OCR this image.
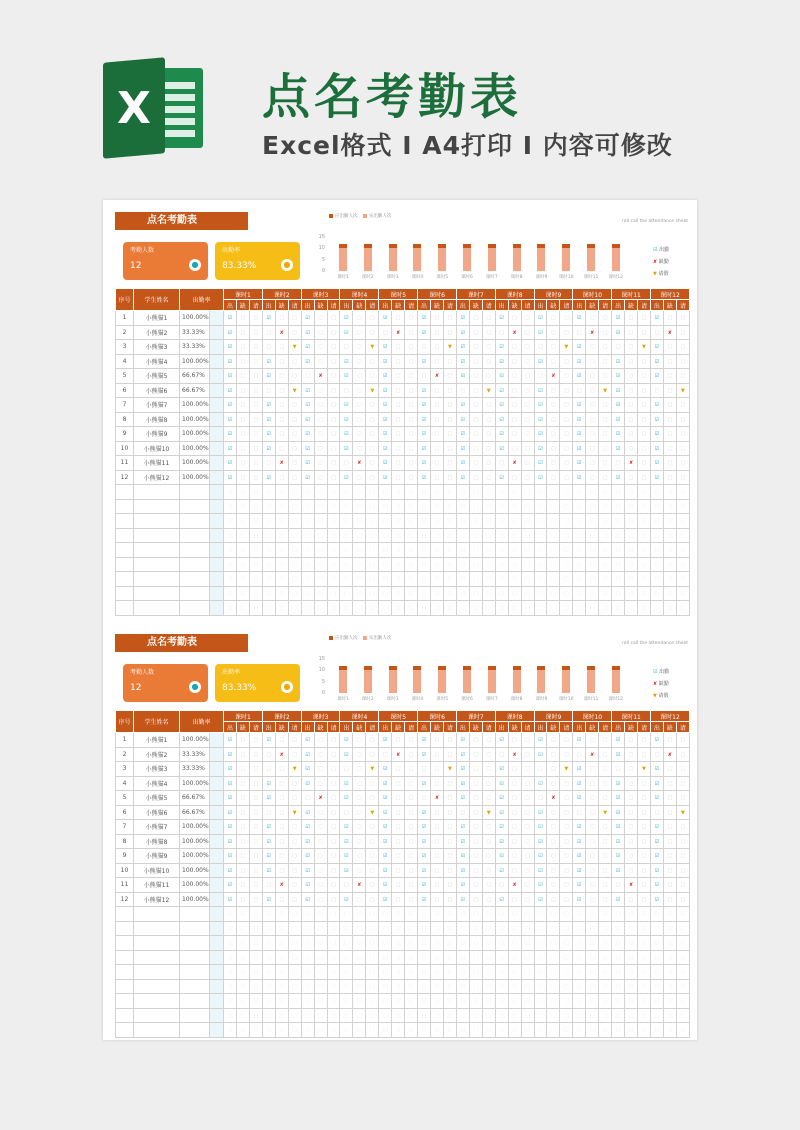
X 点名考勤表
Excel格式 I A4打印 I 内容可修改
点名考勤表
考勤人数
12	●
出勤率
83.33%	●
应出勤人次	实出勤人次
roll call the attendance sheet
15
10
5
0
课时1	课时2	课时3	课时4	课时5	课时6	课时7	课时8	课时9	课时10	课时11	课时12
☑ 出勤
✘ 缺勤
▼ 请假
序号	学生姓名	出勤率		课时1			课时2			课时3			课时4			课时5			课时6			课时7			课时8			课时9			课时10			课时11			课时12		
				出	缺	请	出	缺	请	出	缺	请	出	缺	请	出	缺	请	出	缺	请	出	缺	请	出	缺	请	出	缺	请	出	缺	请	出	缺	请	出	缺	请
1	小熊猫1	100.00%		☑	□	□	☑	□	□	☑	□	□	☑	□	□	☑	□	□	☑	□	□	☑	□	□	☑	□	□	☑	□	□	☑	□	□	☑	□	□	☑	□	□
2	小熊猫2	33.33%		☑	□	□	□	✘	□	☑	□	□	☑	□	□	□	✘	□	☑	□	□	☑	□	□	□	✘	□	☑	□	□	□	✘	□	☑	□	□	□	✘	□
3	小熊猫3	33.33%		☑	□	□	□	□	▼	☑	□	□	□	□	▼	☑	□	□	□	□	▼	☑	□	□	☑	□	□	□	□	▼	☑	□	□	□	□	▼	☑	□	□
4	小熊猫4	100.00%		☑	□	□	☑	□	□	☑	□	□	☑	□	□	☑	□	□	☑	□	□	☑	□	□	☑	□	□	☑	□	□	☑	□	□	☑	□	□	☑	□	□
5	小熊猫5	66.67%		☑	□	□	☑	□	□	□	✘	□	☑	□	□	☑	□	□	□	✘	□	☑	□	□	☑	□	□	□	✘	□	☑	□	□	☑	□	□	☑	□	□
6	小熊猫6	66.67%		☑	□	□	□	□	▼	☑	□	□	□	□	▼	☑	□	□	☑	□	□	□	□	▼	☑	□	□	☑	□	□	□	□	▼	☑	□	□	□	□	▼
7	小熊猫7	100.00%		☑	□	□	☑	□	□	☑	□	□	☑	□	□	☑	□	□	☑	□	□	☑	□	□	☑	□	□	☑	□	□	☑	□	□	☑	□	□	☑	□	□
8	小熊猫8	100.00%		☑	□	□	☑	□	□	☑	□	□	☑	□	□	☑	□	□	☑	□	□	☑	□	□	☑	□	□	☑	□	□	☑	□	□	☑	□	□	☑	□	□
9	小熊猫9	100.00%		☑	□	□	☑	□	□	☑	□	□	☑	□	□	☑	□	□	☑	□	□	☑	□	□	☑	□	□	☑	□	□	☑	□	□	☑	□	□	☑	□	□
10	小熊猫10	100.00%		☑	□	□	☑	□	□	☑	□	□	☑	□	□	☑	□	□	☑	□	□	☑	□	□	☑	□	□	☑	□	□	☑	□	□	☑	□	□	☑	□	□
11	小熊猫11	100.00%		☑	□	□	□	✘	□	☑	□	□	□	✘	□	☑	□	□	☑	□	□	☑	□	□	□	✘	□	☑	□	□	☑	□	□	□	✘	□	☑	□	□
12	小熊猫12	100.00%		☑	□	□	☑	□	□	☑	□	□	☑	□	□	☑	□	□	☑	□	□	☑	□	□	☑	□	□	☑	□	□	☑	□	□	☑	□	□	☑	□	□
				□	□	□	□	□	□	□	□	□	□	□	□	□	□	□	□	□	□	□	□	□	□	□	□	□	□	□	□	□	□	□	□	□	□	□	□
				□	□	□	□	□	□	□	□	□	□	□	□	□	□	□	□	□	□	□	□	□	□	□	□	□	□	□	□	□	□	□	□	□	□	□	□
				□	□	□	□	□	□	□	□	□	□	□	□	□	□	□	□	□	□	□	□	□	□	□	□	□	□	□	□	□	□	□	□	□	□	□	□
				□	□	□	□	□	□	□	□	□	□	□	□	□	□	□	□	□	□	□	□	□	□	□	□	□	□	□	□	□	□	□	□	□	□	□	□
				□	□	□	□	□	□	□	□	□	□	□	□	□	□	□	□	□	□	□	□	□	□	□	□	□	□	□	□	□	□	□	□	□	□	□	□
				□	□	□	□	□	□	□	□	□	□	□	□	□	□	□	□	□	□	□	□	□	□	□	□	□	□	□	□	□	□	□	□	□	□	□	□
				□	□	□	□	□	□	□	□	□	□	□	□	□	□	□	□	□	□	□	□	□	□	□	□	□	□	□	□	□	□	□	□	□	□	□	□
				□	□	□	□	□	□	□	□	□	□	□	□	□	□	□	□	□	□	□	□	□	□	□	□	□	□	□	□	□	□	□	□	□	□	□	□
				□	□	□	□	□	□	□	□	□	□	□	□	□	□	□	□	□	□	□	□	□	□	□	□	□	□	□	□	□	□	□	□	□	□	□	□
点名考勤表
考勤人数
12	●
出勤率
83.33%	●
应出勤人次	实出勤人次
roll call the attendance sheet
15
10
5
0
课时1	课时2	课时3	课时4	课时5	课时6	课时7	课时8	课时9	课时10	课时11	课时12
☑ 出勤
✘ 缺勤
▼ 请假
序号	学生姓名	出勤率		课时1			课时2			课时3			课时4			课时5			课时6			课时7			课时8			课时9			课时10			课时11			课时12		
				出	缺	请	出	缺	请	出	缺	请	出	缺	请	出	缺	请	出	缺	请	出	缺	请	出	缺	请	出	缺	请	出	缺	请	出	缺	请	出	缺	请
1	小熊猫1	100.00%		☑	□	□	☑	□	□	☑	□	□	☑	□	□	☑	□	□	☑	□	□	☑	□	□	☑	□	□	☑	□	□	☑	□	□	☑	□	□	☑	□	□
2	小熊猫2	33.33%		☑	□	□	□	✘	□	☑	□	□	☑	□	□	□	✘	□	☑	□	□	☑	□	□	□	✘	□	☑	□	□	□	✘	□	☑	□	□	□	✘	□
3	小熊猫3	33.33%		☑	□	□	□	□	▼	☑	□	□	□	□	▼	☑	□	□	□	□	▼	☑	□	□	☑	□	□	□	□	▼	☑	□	□	□	□	▼	☑	□	□
4	小熊猫4	100.00%		☑	□	□	☑	□	□	☑	□	□	☑	□	□	☑	□	□	☑	□	□	☑	□	□	☑	□	□	☑	□	□	☑	□	□	☑	□	□	☑	□	□
5	小熊猫5	66.67%		☑	□	□	☑	□	□	□	✘	□	☑	□	□	☑	□	□	□	✘	□	☑	□	□	☑	□	□	□	✘	□	☑	□	□	☑	□	□	☑	□	□
6	小熊猫6	66.67%		☑	□	□	□	□	▼	☑	□	□	□	□	▼	☑	□	□	☑	□	□	□	□	▼	☑	□	□	☑	□	□	□	□	▼	☑	□	□	□	□	▼
7	小熊猫7	100.00%		☑	□	□	☑	□	□	☑	□	□	☑	□	□	☑	□	□	☑	□	□	☑	□	□	☑	□	□	☑	□	□	☑	□	□	☑	□	□	☑	□	□
8	小熊猫8	100.00%		☑	□	□	☑	□	□	☑	□	□	☑	□	□	☑	□	□	☑	□	□	☑	□	□	☑	□	□	☑	□	□	☑	□	□	☑	□	□	☑	□	□
9	小熊猫9	100.00%		☑	□	□	☑	□	□	☑	□	□	☑	□	□	☑	□	□	☑	□	□	☑	□	□	☑	□	□	☑	□	□	☑	□	□	☑	□	□	☑	□	□
10	小熊猫10	100.00%		☑	□	□	☑	□	□	☑	□	□	☑	□	□	☑	□	□	☑	□	□	☑	□	□	☑	□	□	☑	□	□	☑	□	□	☑	□	□	☑	□	□
11	小熊猫11	100.00%		☑	□	□	□	✘	□	☑	□	□	□	✘	□	☑	□	□	☑	□	□	☑	□	□	□	✘	□	☑	□	□	☑	□	□	□	✘	□	☑	□	□
12	小熊猫12	100.00%		☑	□	□	☑	□	□	☑	□	□	☑	□	□	☑	□	□	☑	□	□	☑	□	□	☑	□	□	☑	□	□	☑	□	□	☑	□	□	☑	□	□
				□	□	□	□	□	□	□	□	□	□	□	□	□	□	□	□	□	□	□	□	□	□	□	□	□	□	□	□	□	□	□	□	□	□	□	□
				□	□	□	□	□	□	□	□	□	□	□	□	□	□	□	□	□	□	□	□	□	□	□	□	□	□	□	□	□	□	□	□	□	□	□	□
				□	□	□	□	□	□	□	□	□	□	□	□	□	□	□	□	□	□	□	□	□	□	□	□	□	□	□	□	□	□	□	□	□	□	□	□
				□	□	□	□	□	□	□	□	□	□	□	□	□	□	□	□	□	□	□	□	□	□	□	□	□	□	□	□	□	□	□	□	□	□	□	□
				□	□	□	□	□	□	□	□	□	□	□	□	□	□	□	□	□	□	□	□	□	□	□	□	□	□	□	□	□	□	□	□	□	□	□	□
				□	□	□	□	□	□	□	□	□	□	□	□	□	□	□	□	□	□	□	□	□	□	□	□	□	□	□	□	□	□	□	□	□	□	□	□
				□	□	□	□	□	□	□	□	□	□	□	□	□	□	□	□	□	□	□	□	□	□	□	□	□	□	□	□	□	□	□	□	□	□	□	□
				□	□	□	□	□	□	□	□	□	□	□	□	□	□	□	□	□	□	□	□	□	□	□	□	□	□	□	□	□	□	□	□	□	□	□	□
				□	□	□	□	□	□	□	□	□	□	□	□	□	□	□	□	□	□	□	□	□	□	□	□	□	□	□	□	□	□	□	□	□	□	□	□
